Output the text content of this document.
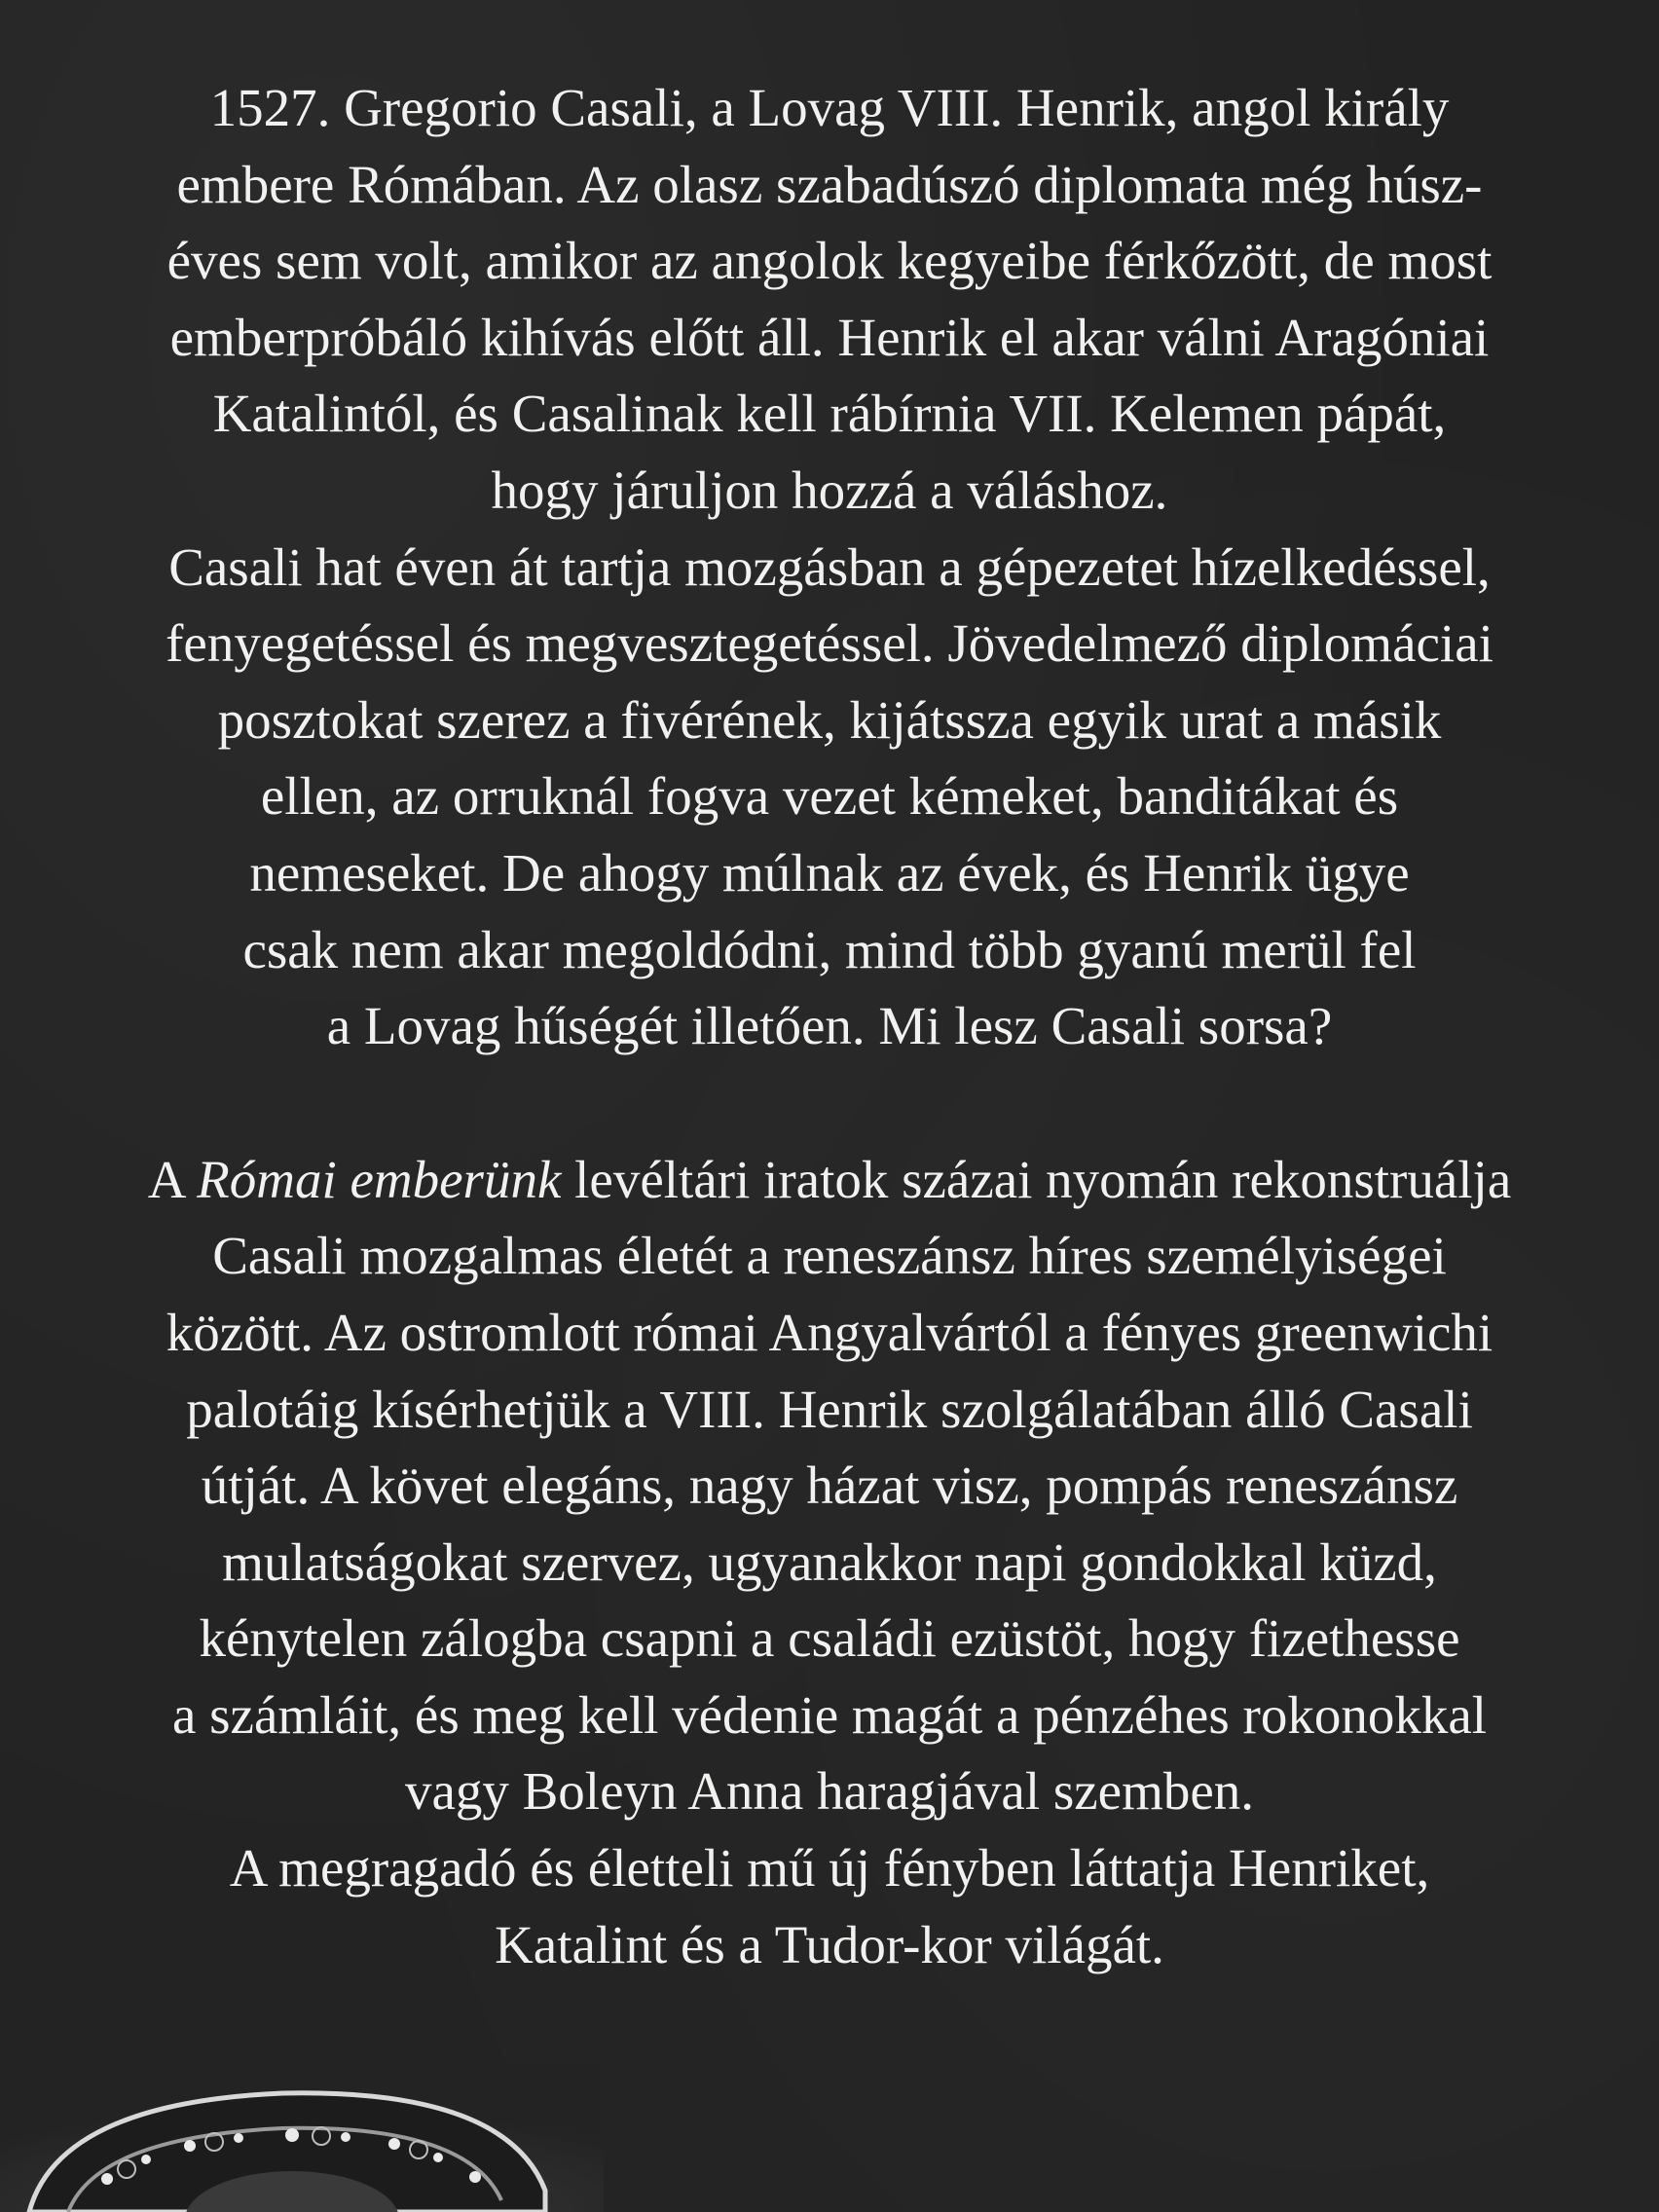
1527. Gregorio Casali, a Lovag VIII. Henrik, angol király
embere Rómában. Az olasz szabadúszó diplomata még húsz-
éves sem volt, amikor az angolok kegyeibe férkőzött, de most
emberpróbáló kihívás előtt áll. Henrik el akar válni Aragóniai
Katalintól, és Casalinak kell rábírnia VII. Kelemen pápát,
hogy járuljon hozzá a váláshoz.

Casali hat éven át tartja mozgásban a gépezetet hízelkedéssel,
fenyegetéssel és megvesztegetéssel. Jövedelmező diplomáciai
posztokat szerez a fivérének, kijátssza egyik urat a másik
ellen, az orruknál fogva vezet kémeket, banditákat és
nemeseket. De ahogy múlnak az évek, és Henrik ügye
csak nem akar megoldódni, mind több gyanú merül fel
a Lovag hűségét illetően. Mi lesz Casali sorsa?

A Római emberünk levéltári iratok százai nyomán rekonstruálja
Casali mozgalmas életét a reneszánsz híres személyiségei
között. Az ostromlott római Angyalvártól a fényes greenwichi
palotáig kísérhetjük a VIII. Henrik szolgálatában álló Casali
útját. A követ elegáns, nagy házat visz, pompás reneszánsz
mulatságokat szervez, ugyanakkor napi gondokkal küzd,
kénytelen zálogba csapni a családi ezüstöt, hogy fizethesse
a számláit, és meg kell védenie magát a pénzéhes rokonokkal
vagy Boleyn Anna haragjával szemben.

A megragadó és életteli mű új fényben láttatja Henriket,
Katalint és a Tudor-kor világát.
